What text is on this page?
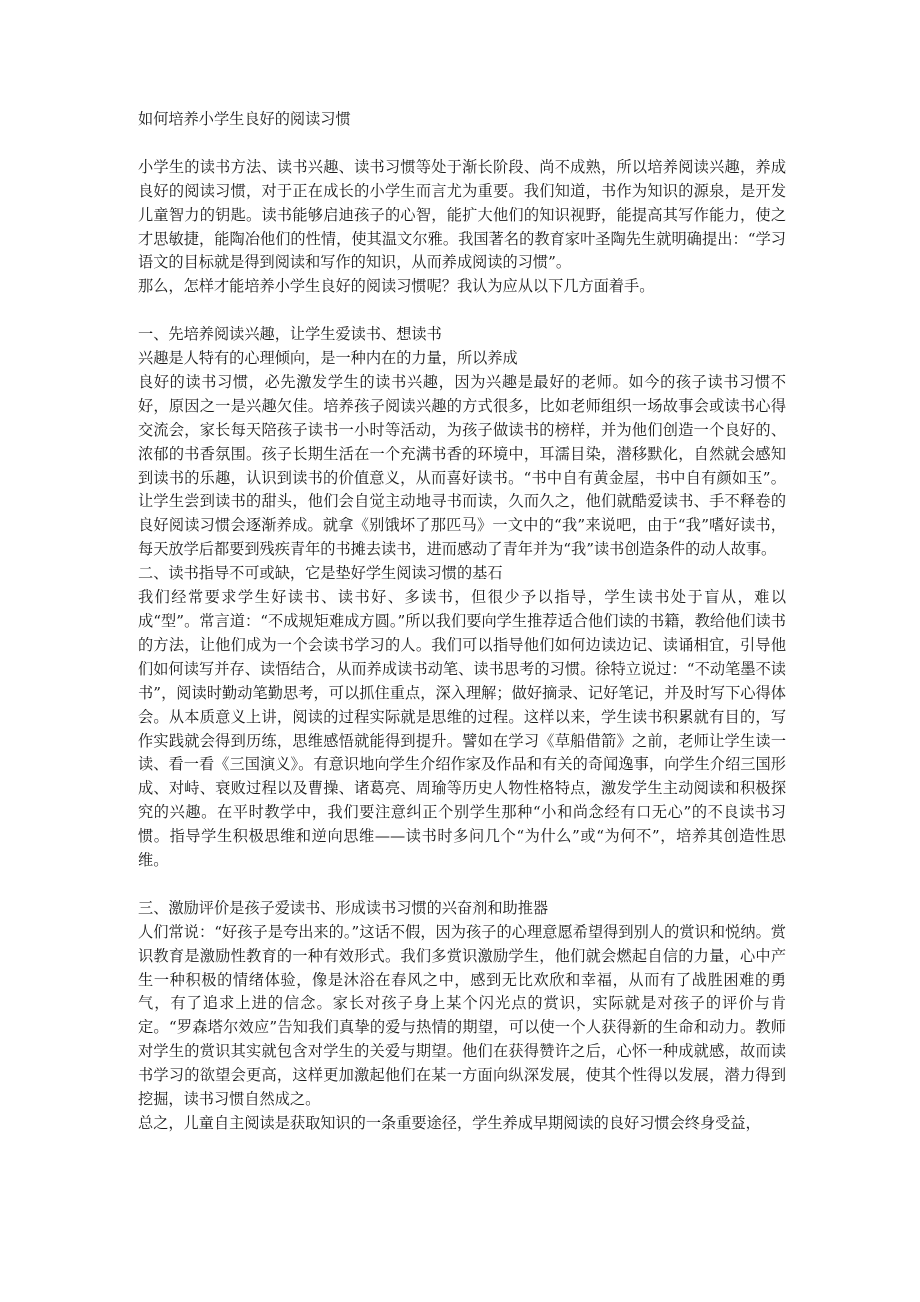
如何培养小学生良好的阅读习惯

小学生的读书方法、读书兴趣、读书习惯等处于渐长阶段、尚不成熟，所以培养阅读兴趣，养成良好的阅读习惯，对于正在成长的小学生而言尤为重要。我们知道，书作为知识的源泉，是开发儿童智力的钥匙。读书能够启迪孩子的心智，能扩大他们的知识视野，能提高其写作能力，使之才思敏捷，能陶冶他们的性情，使其温文尔雅。我国著名的教育家叶圣陶先生就明确提出：“学习语文的目标就是得到阅读和写作的知识，从而养成阅读的习惯”。

那么，怎样才能培养小学生良好的阅读习惯呢？我认为应从以下几方面着手。

一、先培养阅读兴趣，让学生爱读书、想读书

兴趣是人特有的心理倾向，是一种内在的力量，所以养成

良好的读书习惯，必先激发学生的读书兴趣，因为兴趣是最好的老师。如今的孩子读书习惯不好，原因之一是兴趣欠佳。培养孩子阅读兴趣的方式很多，比如老师组织一场故事会或读书心得交流会，家长每天陪孩子读书一小时等活动，为孩子做读书的榜样，并为他们创造一个良好的、浓郁的书香氛围。孩子长期生活在一个充满书香的环境中，耳濡目染，潜移默化，自然就会感知到读书的乐趣，认识到读书的价值意义，从而喜好读书。“书中自有黄金屋，书中自有颜如玉”。让学生尝到读书的甜头，他们会自觉主动地寻书而读，久而久之，他们就酷爱读书、手不释卷的良好阅读习惯会逐渐养成。就拿《别饿坏了那匹马》一文中的“我”来说吧，由于“我”嗜好读书，每天放学后都要到残疾青年的书摊去读书，进而感动了青年并为“我”读书创造条件的动人故事。

二、读书指导不可或缺，它是垫好学生阅读习惯的基石

我们经常要求学生好读书、读书好、多读书，但很少予以指导，学生读书处于盲从，难以成“型”。常言道：“不成规矩难成方圆。”所以我们要向学生推荐适合他们读的书籍，教给他们读书的方法，让他们成为一个会读书学习的人。我们可以指导他们如何边读边记、读诵相宜，引导他们如何读写并存、读悟结合，从而养成读书动笔、读书思考的习惯。徐特立说过：“不动笔墨不读书”，阅读时勤动笔勤思考，可以抓住重点，深入理解；做好摘录、记好笔记，并及时写下心得体会。从本质意义上讲，阅读的过程实际就是思维的过程。这样以来，学生读书积累就有目的，写作实践就会得到历练，思维感悟就能得到提升。譬如在学习《草船借箭》之前，老师让学生读一读、看一看《三国演义》。有意识地向学生介绍作家及作品和有关的奇闻逸事，向学生介绍三国形成、对峙、衰败过程以及曹操、诸葛亮、周瑜等历史人物性格特点，激发学生主动阅读和积极探究的兴趣。在平时教学中，我们要注意纠正个别学生那种“小和尚念经有口无心”的不良读书习惯。指导学生积极思维和逆向思维——读书时多问几个“为什么”或“为何不”，培养其创造性思维。

三、激励评价是孩子爱读书、形成读书习惯的兴奋剂和助推器

人们常说：“好孩子是夸出来的。”这话不假，因为孩子的心理意愿希望得到别人的赏识和悦纳。赏识教育是激励性教育的一种有效形式。我们多赏识激励学生，他们就会燃起自信的力量，心中产生一种积极的情绪体验，像是沐浴在春风之中，感到无比欢欣和幸福，从而有了战胜困难的勇气，有了追求上进的信念。家长对孩子身上某个闪光点的赏识，实际就是对孩子的评价与肯定。“罗森塔尔效应”告知我们真挚的爱与热情的期望，可以使一个人获得新的生命和动力。教师对学生的赏识其实就包含对学生的关爱与期望。他们在获得赞许之后，心怀一种成就感，故而读书学习的欲望会更高，这样更加激起他们在某一方面向纵深发展，使其个性得以发展，潜力得到挖掘，读书习惯自然成之。

总之，儿童自主阅读是获取知识的一条重要途径，学生养成早期阅读的良好习惯会终身受益，
